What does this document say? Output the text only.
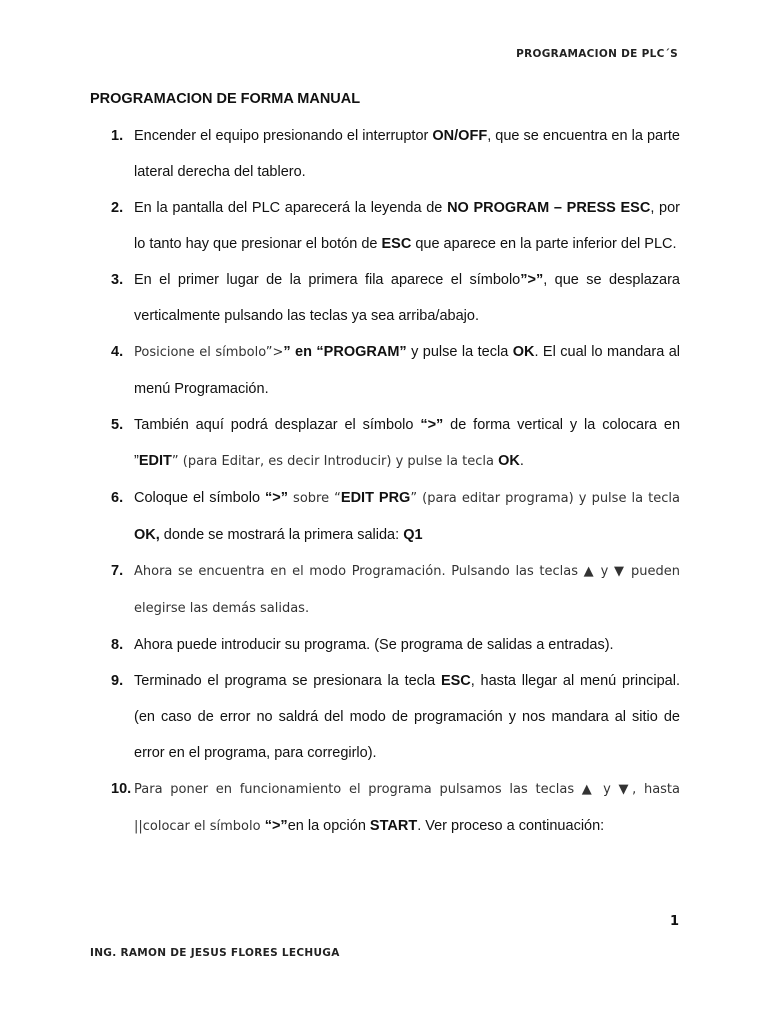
PROGRAMACION DE PLC´S
PROGRAMACION DE FORMA MANUAL
1. Encender el equipo presionando el interruptor ON/OFF, que se encuentra en la parte lateral derecha del tablero.
2. En la pantalla del PLC aparecerá la leyenda de NO PROGRAM – PRESS ESC, por lo tanto hay que presionar el botón de ESC que aparece en la parte inferior del PLC.
3. En el primer lugar de la primera fila aparece el símbolo”>”, que se desplazara verticalmente pulsando las teclas ya sea arriba/abajo.
4. Posicione el símbolo”>” en “PROGRAM” y pulse la tecla OK. El cual lo mandara al menú Programación.
5. También aquí podrá desplazar el símbolo “>” de forma vertical y la colocara en ”EDIT” (para Editar, es decir Introducir) y pulse la tecla OK.
6. Coloque el símbolo “>” sobre “EDIT PRG” (para editar programa) y pulse la tecla OK, donde se mostrará la primera salida: Q1
7. Ahora se encuentra en el modo Programación. Pulsando las teclas ▲ y ▼ pueden elegirse las demás salidas.
8. Ahora puede introducir su programa. (Se programa de salidas a entradas).
9. Terminado el programa se presionara la tecla ESC, hasta llegar al menú principal. (en caso de error no saldrá del modo de programación y nos mandara al sitio de error en el programa, para corregirlo).
10. Para poner en funcionamiento el programa pulsamos las teclas ▲ y ▼, hasta ||colocar el símbolo “>”en la opción START. Ver proceso a continuación:
1
ING. RAMON DE JESUS FLORES LECHUGA
